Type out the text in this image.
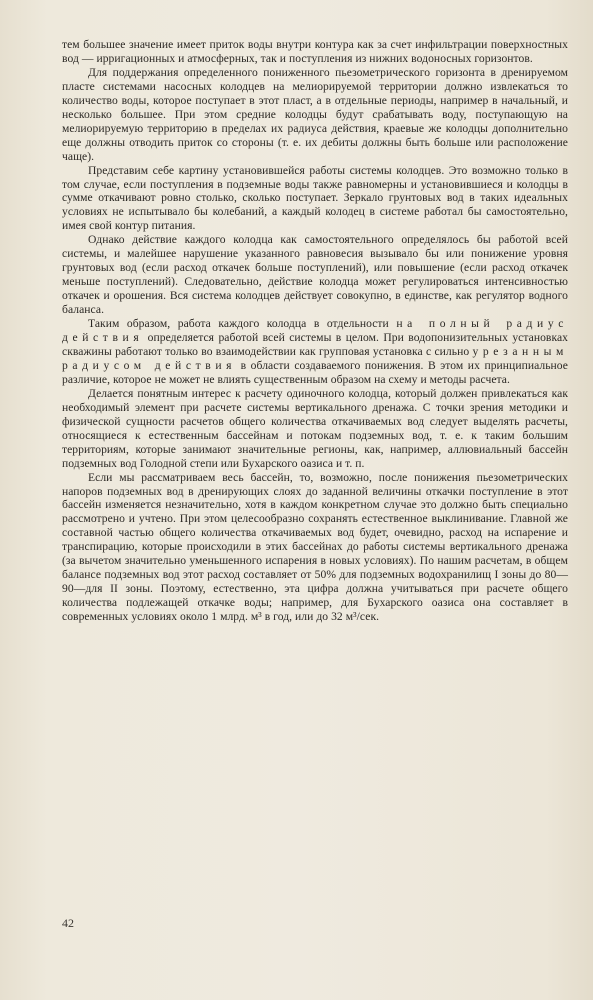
тем большее значение имеет приток воды внутри контура как за счет инфильтрации поверхностных вод — ирригационных и атмосферных, так и поступления из нижних водоносных горизонтов.

Для поддержания определенного пониженного пьезометрического горизонта в дренируемом пласте системами насосных колодцев на мелиорируемой территории должно извлекаться то количество воды, которое поступает в этот пласт, а в отдельные периоды, например в начальный, и несколько большее. При этом средние колодцы будут срабатывать воду, поступающую на мелиорируемую территорию в пределах их радиуса действия, краевые же колодцы дополнительно еще должны отводить приток со стороны (т. е. их дебиты должны быть больше или расположение чаще).

Представим себе картину установившейся работы системы колодцев. Это возможно только в том случае, если поступления в подземные воды также равномерны и установившиеся и колодцы в сумме откачивают ровно столько, сколько поступает. Зеркало грунтовых вод в таких идеальных условиях не испытывало бы колебаний, а каждый колодец в системе работал бы самостоятельно, имея свой контур питания.

Однако действие каждого колодца как самостоятельного определялось бы работой всей системы, и малейшее нарушение указанного равновесия вызывало бы или понижение уровня грунтовых вод (если расход откачек больше поступлений), или повышение (если расход откачек меньше поступлений). Следовательно, действие колодца может регулироваться интенсивностью откачек и орошения. Вся система колодцев действует совокупно, в единстве, как регулятор водного баланса.

Таким образом, работа каждого колодца в отдельности на полный радиус действия определяется работой всей системы в целом. При водопонизительных установках скважины работают только во взаимодействии как групповая установка с сильно урезанным радиусом действия в области создаваемого понижения. В этом их принципиальное различие, которое не может не влиять существенным образом на схему и методы расчета.

Делается понятным интерес к расчету одиночного колодца, который должен привлекаться как необходимый элемент при расчете системы вертикального дренажа. С точки зрения методики и физической сущности расчетов общего количества откачиваемых вод следует выделять расчеты, относящиеся к естественным бассейнам и потокам подземных вод, т. е. к таким большим территориям, которые занимают значительные регионы, как, например, аллювиальный бассейн подземных вод Голодной степи или Бухарского оазиса и т. п.

Если мы рассматриваем весь бассейн, то, возможно, после понижения пьезометрических напоров подземных вод в дренирующих слоях до заданной величины откачки поступление в этот бассейн изменяется незначительно, хотя в каждом конкретном случае это должно быть специально рассмотрено и учтено. При этом целесообразно сохранять естественное выклинивание. Главной же составной частью общего количества откачиваемых вод будет, очевидно, расход на испарение и транспирацию, которые происходили в этих бассейнах до работы системы вертикального дренажа (за вычетом значительно уменьшенного испарения в новых условиях). По нашим расчетам, в общем балансе подземных вод этот расход составляет от 50% для подземных водохранилищ I зоны до 80—90—для II зоны. Поэтому, естественно, эта цифра должна учитываться при расчете общего количества подлежащей откачке воды; например, для Бухарского оазиса она составляет в современных условиях около 1 млрд. м³ в год, или до 32 м³/сек.

42
